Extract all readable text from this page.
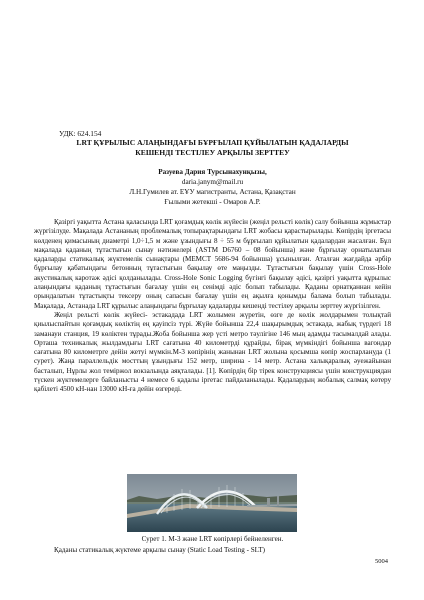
УДК: 624.154
LRT ҚҰРЫЛЫС АЛАҢЫНДАҒЫ БҰРҒЫЛАП ҚҰЙЫЛАТЫН ҚАДАЛАРДЫ
КЕШЕНДІ ТЕСТІЛЕУ АРҚЫЛЫ ЗЕРТТЕУ
Разуева Дария Турсынахунқызы,
daria.janym@mail.ru
Л.Н.Гумилев ат. ЕҰУ магистранты, Астана, Қазақстан
Ғылыми жетекші - Омаров А.Р.

Қазіргі уақытта Астана қаласында LRT қоғамдық көлік жүйесін (жеңіл рельсті көлік) салу бойынша жұмыстар жүргізілуде. Мақалада Астананың проблемалық топырақтарындағы LRT жобасы қарастырылады. Көпірдің іргетасы көлденең қимасының диаметрі 1,0÷1,5 м және ұзындығы 8 ÷ 55 м бұрғылап құйылатын қадалардан жасалған. Бұл мақалада қаданың тұтастығын сынау нәтижелері (ASTM D6760 – 08 бойынша) және бұрғылау орнатылатын қадаларды статикалық жүктемелік сынақтары (МЕМСТ 5686-94 бойынша) ұсынылған. Аталған жағдайда әрбір бұрғылау қабатындағы бетонның тұтастығын бақылау өте маңызды. Тұтастығын бақылау үшін Cross-Hole акустикалық каротаж әдісі қолданылады. Cross-Hole Sonic Logging бүгінгі бақылау әдісі, қазіргі уақытта құрылыс алаңындағы қаданың тұтастығын бағалау үшін ең сенімді әдіс болып табылады. Қаданы орнатқаннан кейін орындалатын тұтастықты тексеру оның сапасын бағалау үшін ең ақылға қонымды балама болып табылады. Мақалада, Астанада LRT құрылыс алаңындағы бұрғылау қадаларды кешенді тестілеу арқылы зерттеу жүргізілген.

Жеңіл рельсті көлік жүйесі- эстакадада LRT жолымен жүретін, өзге де көлік жолдарымен толықтай қиылыспайтын қоғамдық көліктің ең қауіпсіз түрі. Жүйе бойынша 22,4 шақырымдық эстакада, жабық түрдегі 18 заманауи станция, 19 көліктен тұрады.Жоба бойынша жер үсті метро тәулігіне 146 мың адамды тасымалдай алады. Орташа техникалық жылдамдығы LRT сағатына 40 километрді құрайды, бірақ мүмкіндігі бойынша вагондар сағатына 80 километрге дейін жетуі мүмкін.М-3 көпірінің жанынан LRT жолына қосымша көпір жоспарлануда (1 сурет). Жаңа параллельдік мосттың ұзындығы 152 метр, ширина - 14 метр. Астана халықаралық әуежайынан басталып, Нұрлы жол теміржол вокзалында аяқталады. [1]. Көпірдің бір тірек конструкциясы үшін конструкциядан түскен жүктемелерге байланысты 4 немесе 6 қадалы іргетас пайдаланылады. Қадалардың жобалық салмақ көтеру қабілеті 4500 кН-нан 13000 кН-ға дейін өзгереді.

Сурет 1. М-3 және LRT көпірлері бейнеленген.
Қаданы статикалық жүктеме арқылы сынау (Static Load Testing - SLT)
5004
